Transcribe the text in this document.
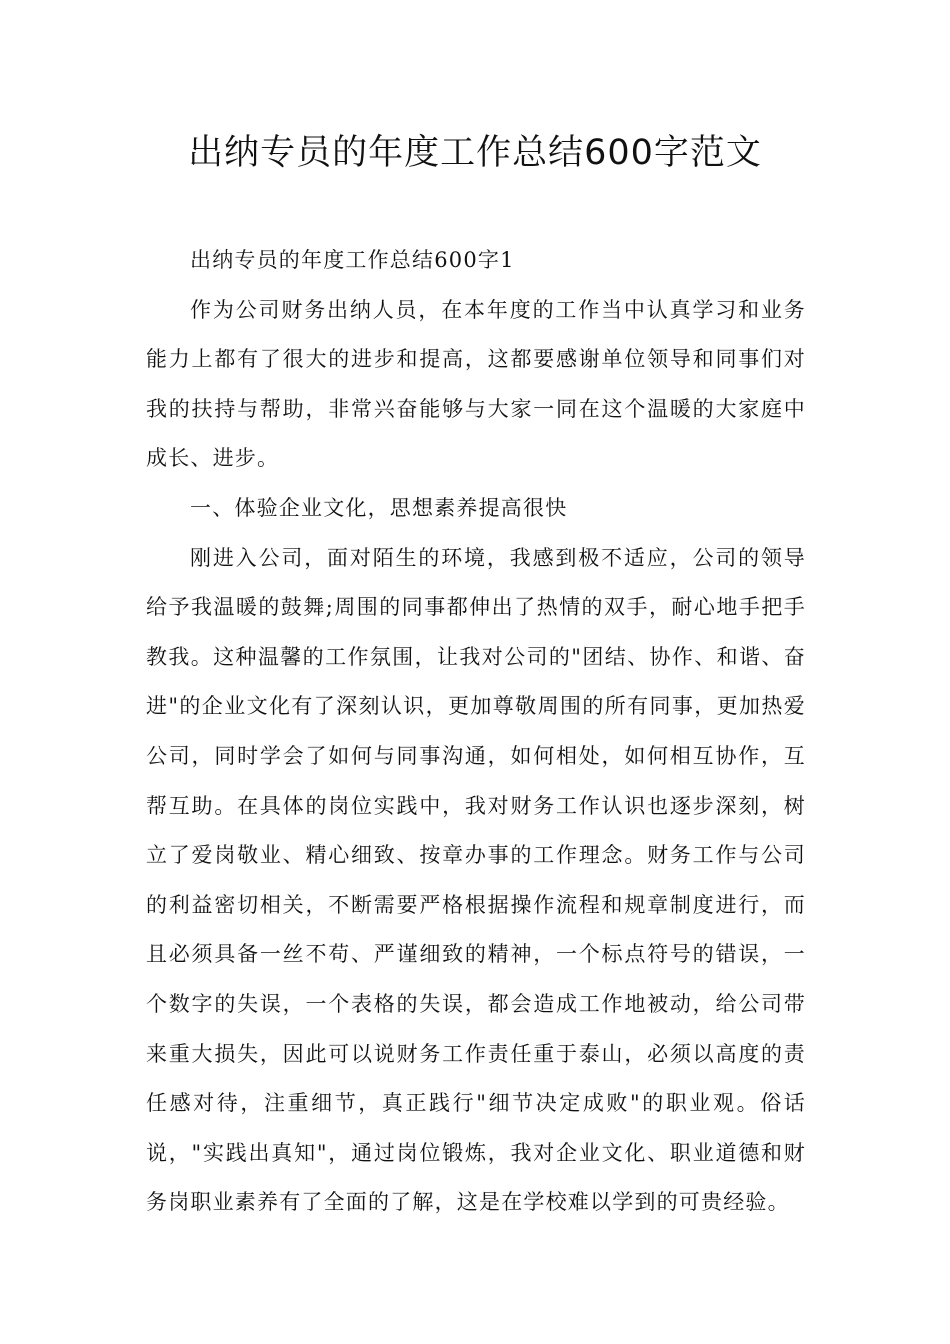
出纳专员的年度工作总结600字范文

出纳专员的年度工作总结600字1

作为公司财务出纳人员，在本年度的工作当中认真学习和业务能力上都有了很大的进步和提高，这都要感谢单位领导和同事们对我的扶持与帮助，非常兴奋能够与大家一同在这个温暖的大家庭中成长、进步。

一、体验企业文化，思想素养提高很快

刚进入公司，面对陌生的环境，我感到极不适应，公司的领导给予我温暖的鼓舞;周围的同事都伸出了热情的双手，耐心地手把手教我。这种温馨的工作氛围，让我对公司的"团结、协作、和谐、奋进"的企业文化有了深刻认识，更加尊敬周围的所有同事，更加热爱公司，同时学会了如何与同事沟通，如何相处，如何相互协作，互帮互助。在具体的岗位实践中，我对财务工作认识也逐步深刻，树立了爱岗敬业、精心细致、按章办事的工作理念。财务工作与公司的利益密切相关，不断需要严格根据操作流程和规章制度进行，而且必须具备一丝不苟、严谨细致的精神，一个标点符号的错误，一个数字的失误，一个表格的失误，都会造成工作地被动，给公司带来重大损失，因此可以说财务工作责任重于泰山，必须以高度的责任感对待，注重细节，真正践行"细节决定成败"的职业观。俗话说，"实践出真知"，通过岗位锻炼，我对企业文化、职业道德和财务岗职业素养有了全面的了解，这是在学校难以学到的可贵经验。
